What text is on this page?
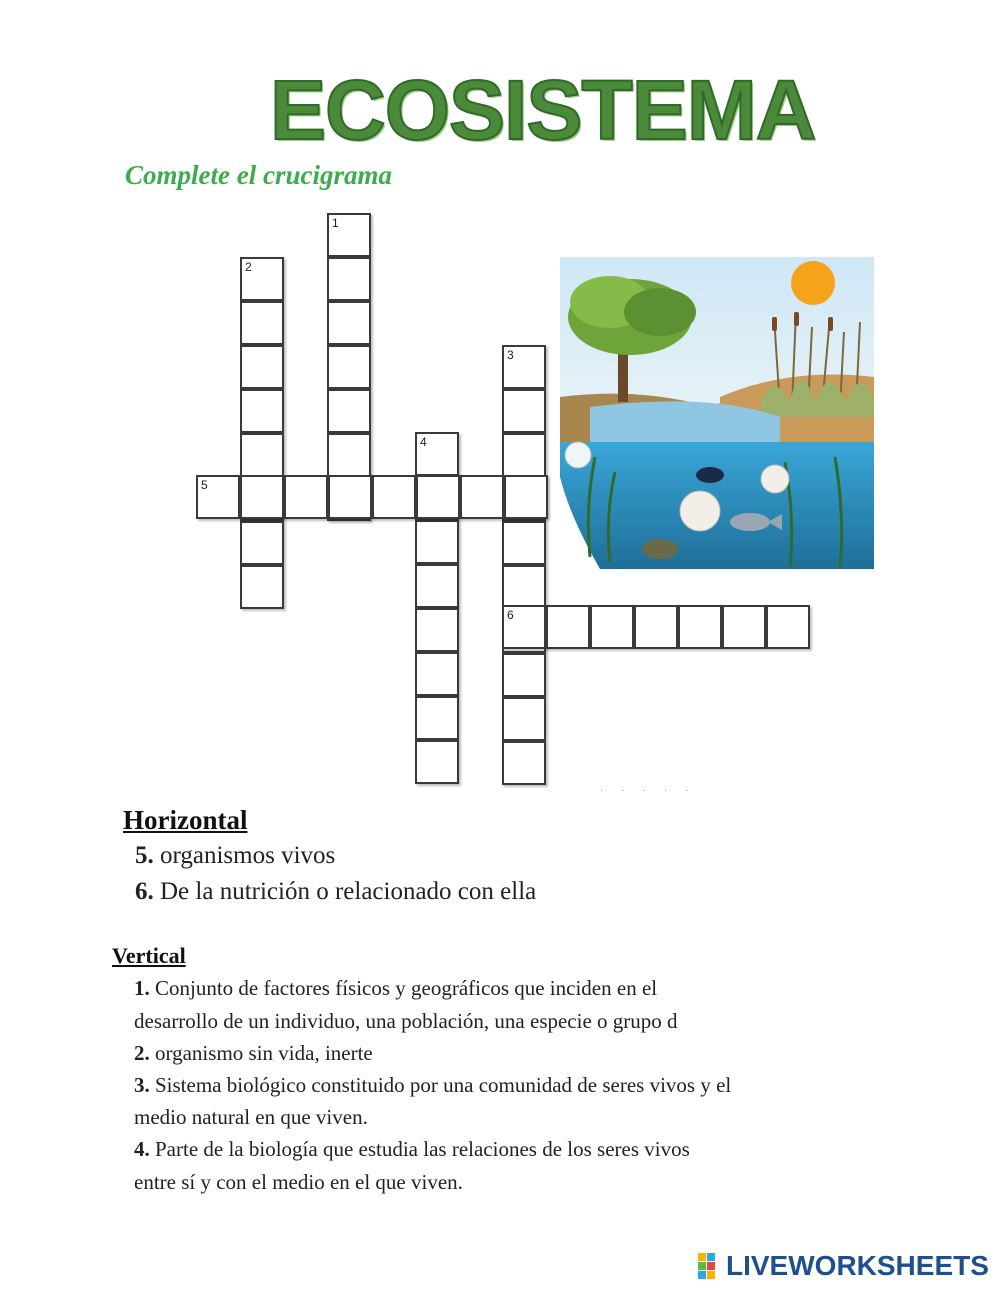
ECOSISTEMA
Complete el crucigrama
1
2
3
4
5
6
·····
Horizontal
5. organismos vivos
6. De la nutrición o relacionado con ella
Vertical
1. Conjunto de factores físicos y geográficos que inciden en el
desarrollo de un individuo, una población, una especie o grupo d
2. organismo sin vida, inerte
3. Sistema biológico constituido por una comunidad de seres vivos y el
medio natural en que viven.
4. Parte de la biología que estudia las relaciones de los seres vivos
entre sí y con el medio en el que viven.
LIVEWORKSHEETS
